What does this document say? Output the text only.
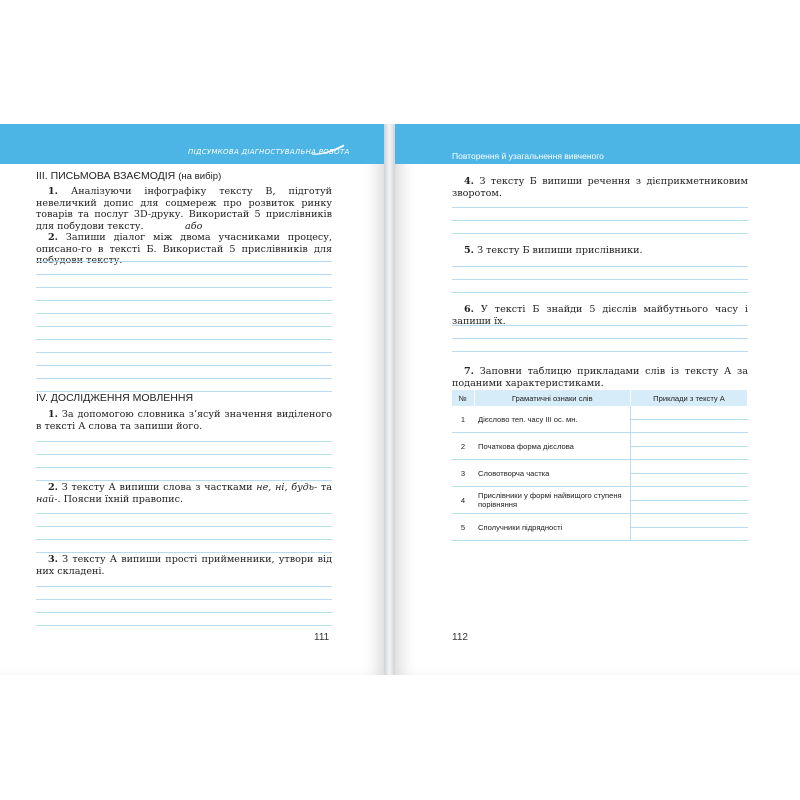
ПІДСУМКОВА ДІАГНОСТУВАЛЬНА РОБОТА	Повторення й узагальнення вивченого
ІІІ. ПИСЬМОВА ВЗАЄМОДІЯ (на вибір)
1. Аналізуючи інфографіку тексту В, підготуй невеличкий допис для соцмереж про розвиток ринку товарів та послуг 3D-друку. Використай 5 прислівників для побудови тексту.	або
2. Запиши діалог між двома учасниками процесу, описано-го в тексті Б. Використай 5 прислівників для побудови тексту.
IV. ДОСЛІДЖЕННЯ МОВЛЕННЯ
1. За допомогою словника з’ясуй значення виділеного в тексті А слова та запиши його.
2. З тексту А випиши слова з частками не, ні, будь- та най-. Поясни їхній правопис.
3. З тексту А випиши прості прийменники, утвори від них складені.
111
4. З тексту Б випиши речення з дієприкметниковим зворотом.
5. З тексту Б випиши прислівники.
6. У тексті Б знайди 5 дієслів майбутнього часу і запиши їх.
7. Заповни таблицю прикладами слів із тексту А за поданими характеристиками.
№	Граматичні ознаки слів	Приклади з тексту А
1	Дієслово теп. часу ІІІ ос. мн.	

2	Початкова форма дієслова	

3	Словотворча частка	

4	Прислівники у формі найвищого ступеня порівняння	

5	Сполучники підрядності	
112
